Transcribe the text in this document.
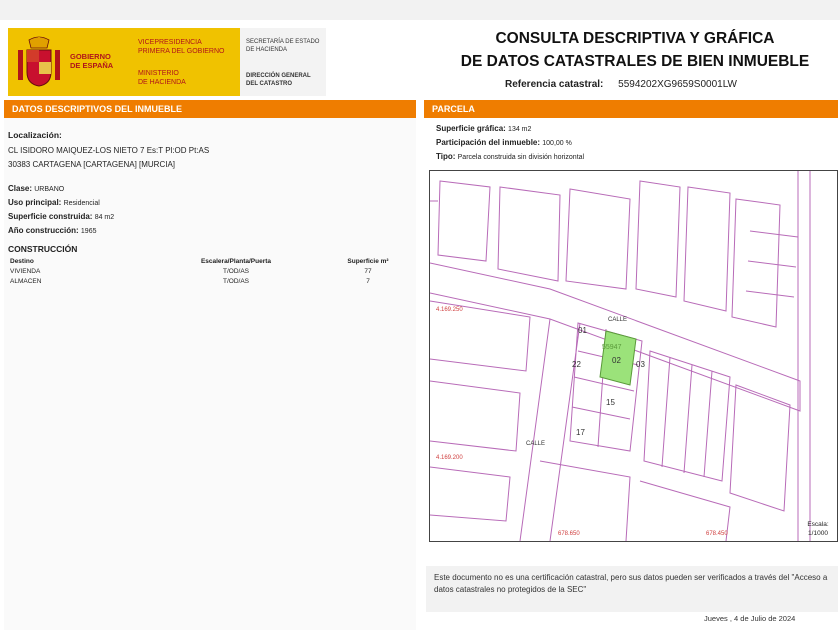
GOBIERNO
DE ESPAÑA
VICEPRESIDENCIA
PRIMERA DEL GOBIERNO
MINISTERIO
DE HACIENDA
SECRETARÍA DE ESTADO
DE HACIENDA
DIRECCIÓN GENERAL
DEL CATASTRO
CONSULTA DESCRIPTIVA Y GRÁFICA
DE DATOS CATASTRALES DE BIEN INMUEBLE
Referencia catastral: 5594202XG9659S0001LW
DATOS DESCRIPTIVOS DEL INMUEBLE	PARCELA
Localización:
CL ISIDORO MAIQUEZ-LOS NIETO 7 Es:T Pl:OD Pt:AS
30383 CARTAGENA [CARTAGENA] [MURCIA]
Clase: URBANO
Uso principal: Residencial
Superficie construida: 84 m2
Año construcción: 1965
CONSTRUCCIÓN
Destino	Escalera/Planta/Puerta	Superficie m²
VIVIENDA	T/OD/AS	77
ALMACEN	T/OD/AS	7
Superficie gráfica: 134 m2
Participación del inmueble: 100,00 %
Tipo: Parcela construida sin división horizontal
01
22	02 03
15
17
55947
CALLE
CALLE
4.169.250
4.169.200
678.650	678.450
Escala:
1/1000
Este documento no es una certificación catastral, pero sus datos pueden ser verificados a través del "Acceso a datos catastrales no protegidos de la SEC"
Jueves , 4 de Julio de 2024
